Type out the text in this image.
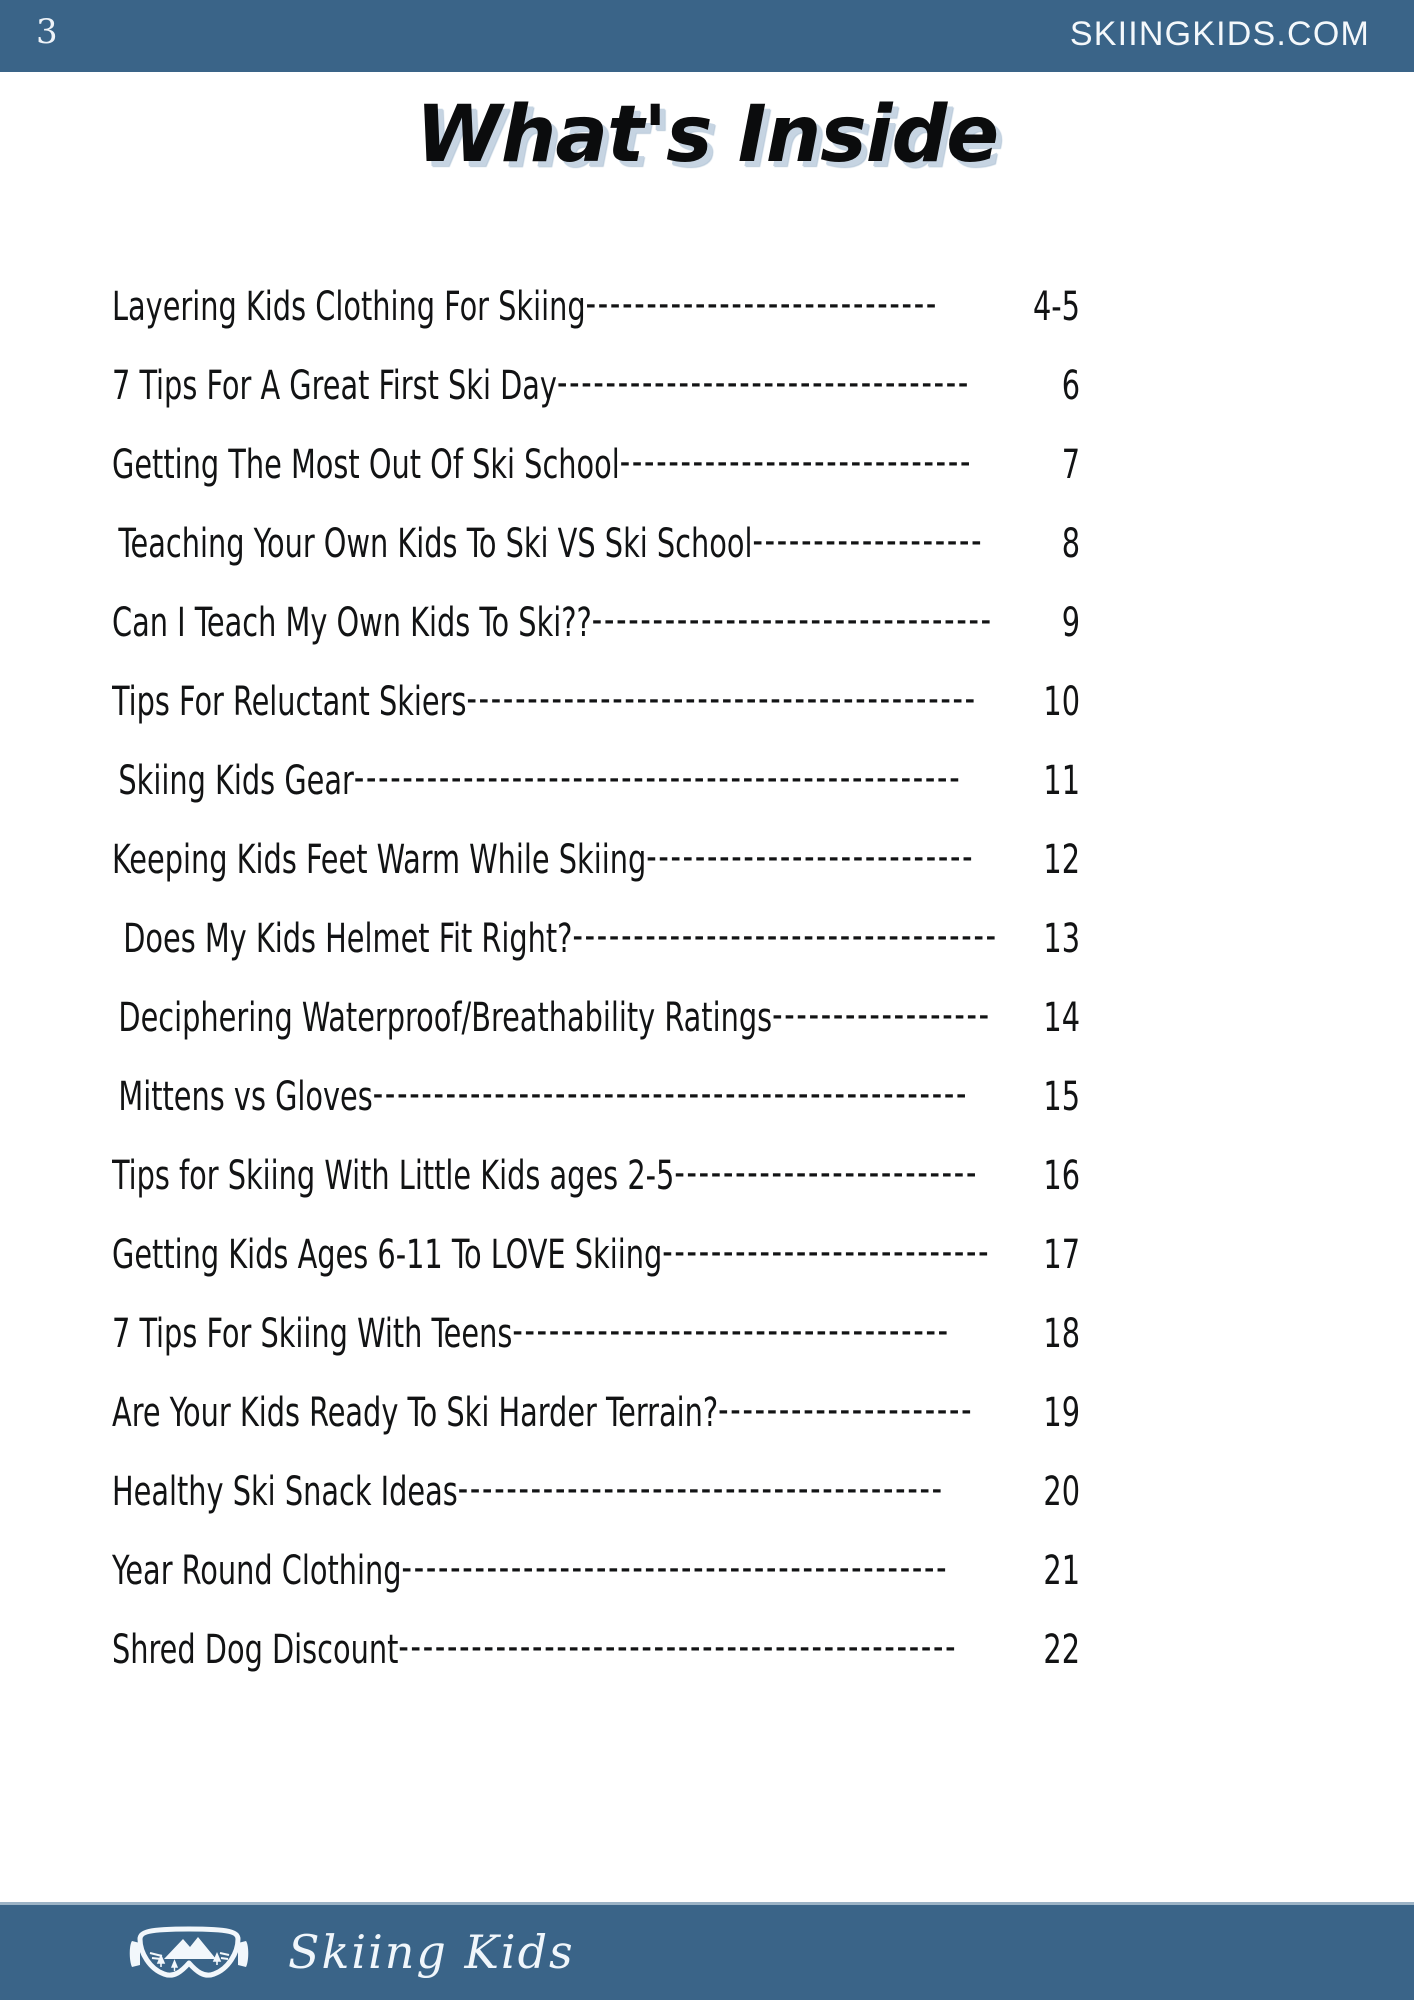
3	SKIINGKIDS.COM
What's Inside
Layering Kids Clothing For Skiing -----------------------------	4-5
7 Tips For A Great First Ski Day ----------------------------------	6
Getting The Most Out Of Ski School -----------------------------	7
Teaching Your Own Kids To Ski VS Ski School -------------------	8
Can I Teach My Own Kids To Ski?? ---------------------------------	9
Tips For Reluctant Skiers ------------------------------------------	10
Skiing Kids Gear --------------------------------------------------	11
Keeping Kids Feet Warm While Skiing ---------------------------	12
Does My Kids Helmet Fit Right? -----------------------------------	13
Deciphering Waterproof/Breathability Ratings ------------------	14
Mittens vs Gloves -------------------------------------------------	15
Tips for Skiing With Little Kids ages 2-5 -------------------------	16
Getting Kids Ages 6-11 To LOVE Skiing ---------------------------	17
7 Tips For Skiing With Teens ------------------------------------	18
Are Your Kids Ready To Ski Harder Terrain? ---------------------	19
Healthy Ski Snack Ideas ----------------------------------------	20
Year Round Clothing ---------------------------------------------	21
Shred Dog Discount ----------------------------------------------	22
Skiing Kids
